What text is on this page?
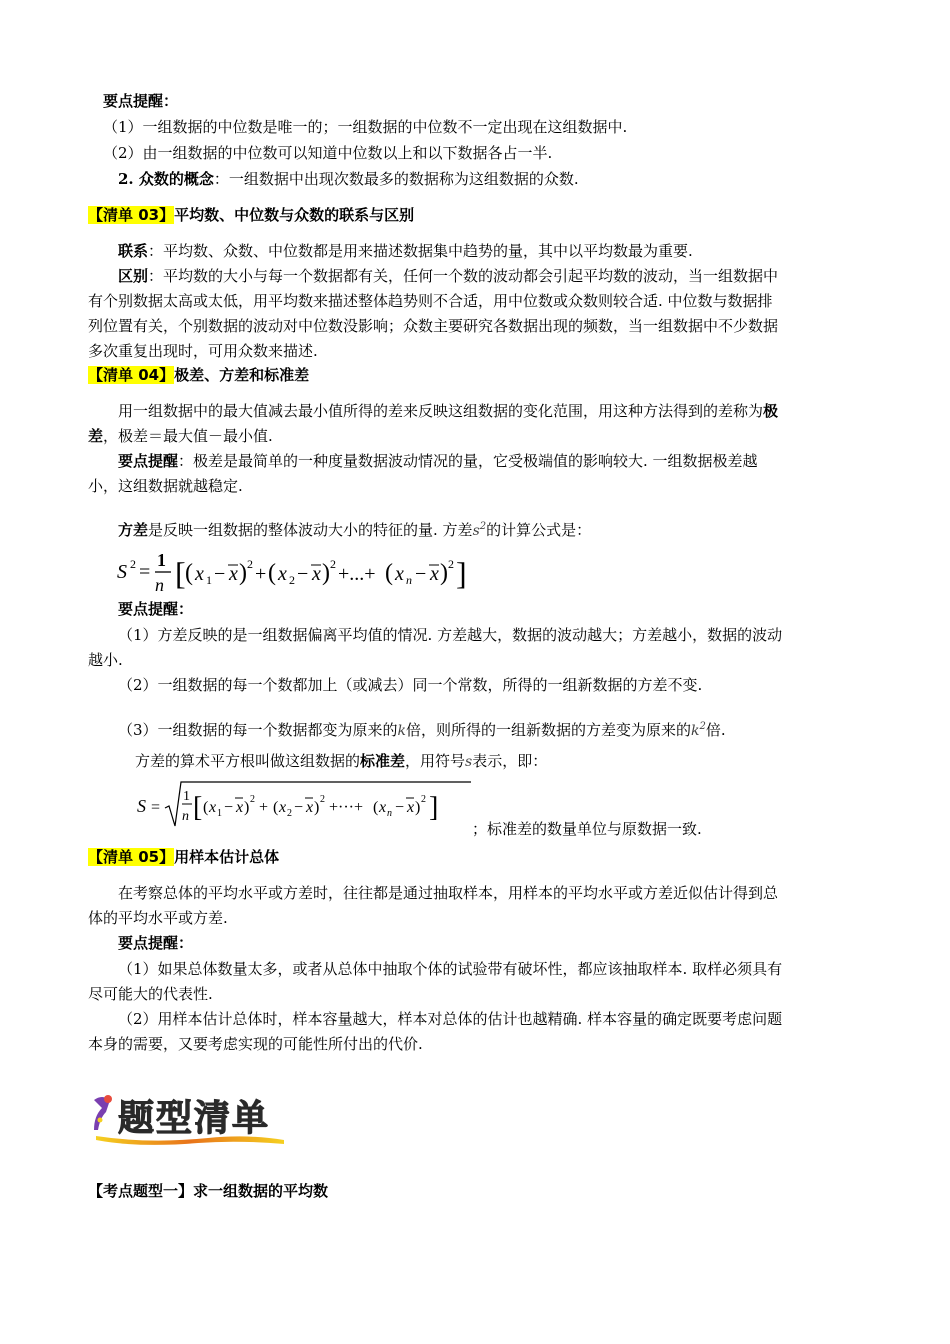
要点提醒：
（1）一组数据的中位数是唯一的；一组数据的中位数不一定出现在这组数据中.
（2）由一组数据的中位数可以知道中位数以上和以下数据各占一半.
2. 众数的概念：一组数据中出现次数最多的数据称为这组数据的众数.
【清单 03】平均数、中位数与众数的联系与区别
联系：平均数、众数、中位数都是用来描述数据集中趋势的量，其中以平均数最为重要.
区别：平均数的大小与每一个数据都有关，任何一个数的波动都会引起平均数的波动，当一组数据中
有个别数据太高或太低，用平均数来描述整体趋势则不合适，用中位数或众数则较合适. 中位数与数据排
列位置有关，个别数据的波动对中位数没影响；众数主要研究各数据出现的频数，当一组数据中不少数据
多次重复出现时，可用众数来描述.
【清单 04】极差、方差和标准差
用一组数据中的最大值减去最小值所得的差来反映这组数据的变化范围，用这种方法得到的差称为极
差，极差＝最大值－最小值.
要点提醒：极差是最简单的一种度量数据波动情况的量，它受极端值的影响较大. 一组数据极差越
小，这组数据就越稳定.
方差是反映一组数据的整体波动大小的特征的量. 方差$s^2$的计算公式是：
S 2 =
1
n [ ( x 1 − x ) 2 + ( x 2 − x ) 2 +...+ ( x n − x ) 2 ]
要点提醒：
（1）方差反映的是一组数据偏离平均值的情况. 方差越大，数据的波动越大；方差越小，数据的波动
越小.
（2）一组数据的每一个数都加上（或减去）同一个常数，所得的一组新数据的方差不变.
（3）一组数据的每一个数据都变为原来的k倍，则所得的一组新数据的方差变为原来的$k^2$倍.
方差的算术平方根叫做这组数据的标准差，用符号s表示，即：
S =
1
n [ ( x 1 − x ) 2 + ( x 2 − x ) 2 +···+ ( x n − x ) 2 ]
；标准差的数量单位与原数据一致.
【清单 05】用样本估计总体
在考察总体的平均水平或方差时，往往都是通过抽取样本，用样本的平均水平或方差近似估计得到总
体的平均水平或方差.
要点提醒：
（1）如果总体数量太多，或者从总体中抽取个体的试验带有破坏性，都应该抽取样本. 取样必须具有
尽可能大的代表性.
（2）用样本估计总体时，样本容量越大，样本对总体的估计也越精确. 样本容量的确定既要考虑问题
本身的需要，又要考虑实现的可能性所付出的代价.
题型清单
【考点题型一】求一组数据的平均数
